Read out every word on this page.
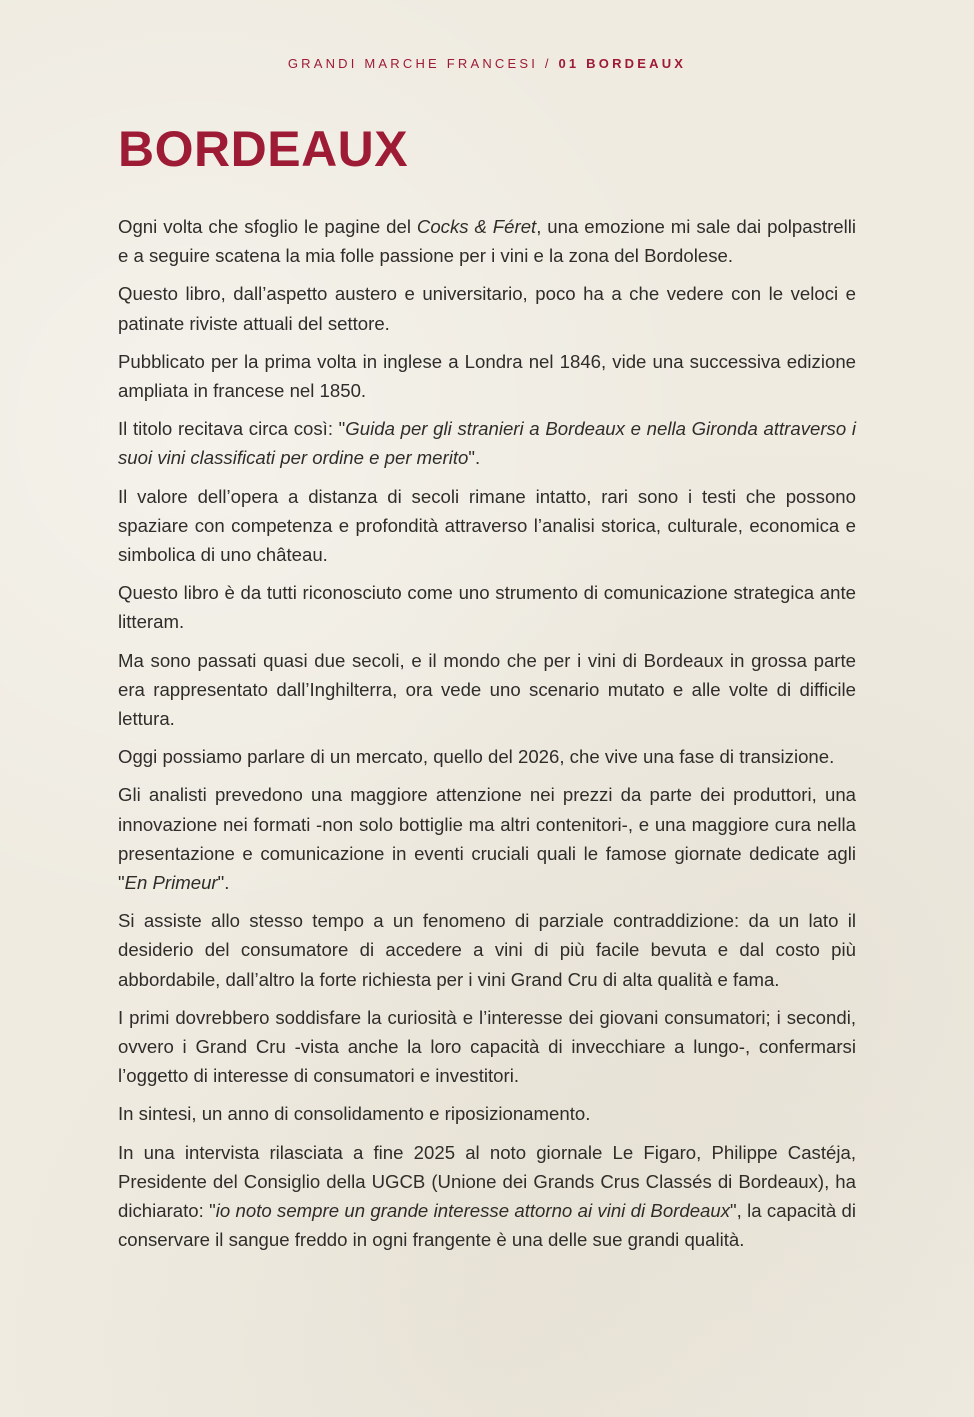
GRANDI MARCHE FRANCESI / 01 BORDEAUX
BORDEAUX

Ogni volta che sfoglio le pagine del Cocks & Féret, una emozione mi sale dai polpastrelli e a seguire scatena la mia folle passione per i vini e la zona del Bordolese.

Questo libro, dall’aspetto austero e universitario, poco ha a che vedere con le veloci e patinate riviste attuali del settore.

Pubblicato per la prima volta in inglese a Londra nel 1846, vide una successiva edizione ampliata in francese nel 1850.

Il titolo recitava circa così: "Guida per gli stranieri a Bordeaux e nella Gironda attraverso i suoi vini classificati per ordine e per merito".

Il valore dell’opera a distanza di secoli rimane intatto, rari sono i testi che possono spaziare con competenza e profondità attraverso l’analisi storica, culturale, economica e simbolica di uno château.

Questo libro è da tutti riconosciuto come uno strumento di comunicazione strategica ante litteram.

Ma sono passati quasi due secoli, e il mondo che per i vini di Bordeaux in grossa parte era rappresentato dall’Inghilterra, ora vede uno scenario mutato e alle volte di difficile lettura.

Oggi possiamo parlare di un mercato, quello del 2026, che vive una fase di transizione.

Gli analisti prevedono una maggiore attenzione nei prezzi da parte dei produttori, una innovazione nei formati -non solo bottiglie ma altri contenitori-, e una maggiore cura nella presentazione e comunicazione in eventi cruciali quali le famose giornate dedicate agli "En Primeur".

Si assiste allo stesso tempo a un fenomeno di parziale contraddizione: da un lato il desiderio del consumatore di accedere a vini di più facile bevuta e dal costo più abbordabile, dall’altro la forte richiesta per i vini Grand Cru di alta qualità e fama.

I primi dovrebbero soddisfare la curiosità e l’interesse dei giovani consumatori; i secondi, ovvero i Grand Cru -vista anche la loro capacità di invecchiare a lungo-, confermarsi l’oggetto di interesse di consumatori e investitori.

In sintesi, un anno di consolidamento e riposizionamento.

In una intervista rilasciata a fine 2025 al noto giornale Le Figaro, Philippe Castéja, Presidente del Consiglio della UGCB (Unione dei Grands Crus Classés di Bordeaux), ha dichiarato: "io noto sempre un grande interesse attorno ai vini di Bordeaux", la capacità di conservare il sangue freddo in ogni frangente è una delle sue grandi qualità.
